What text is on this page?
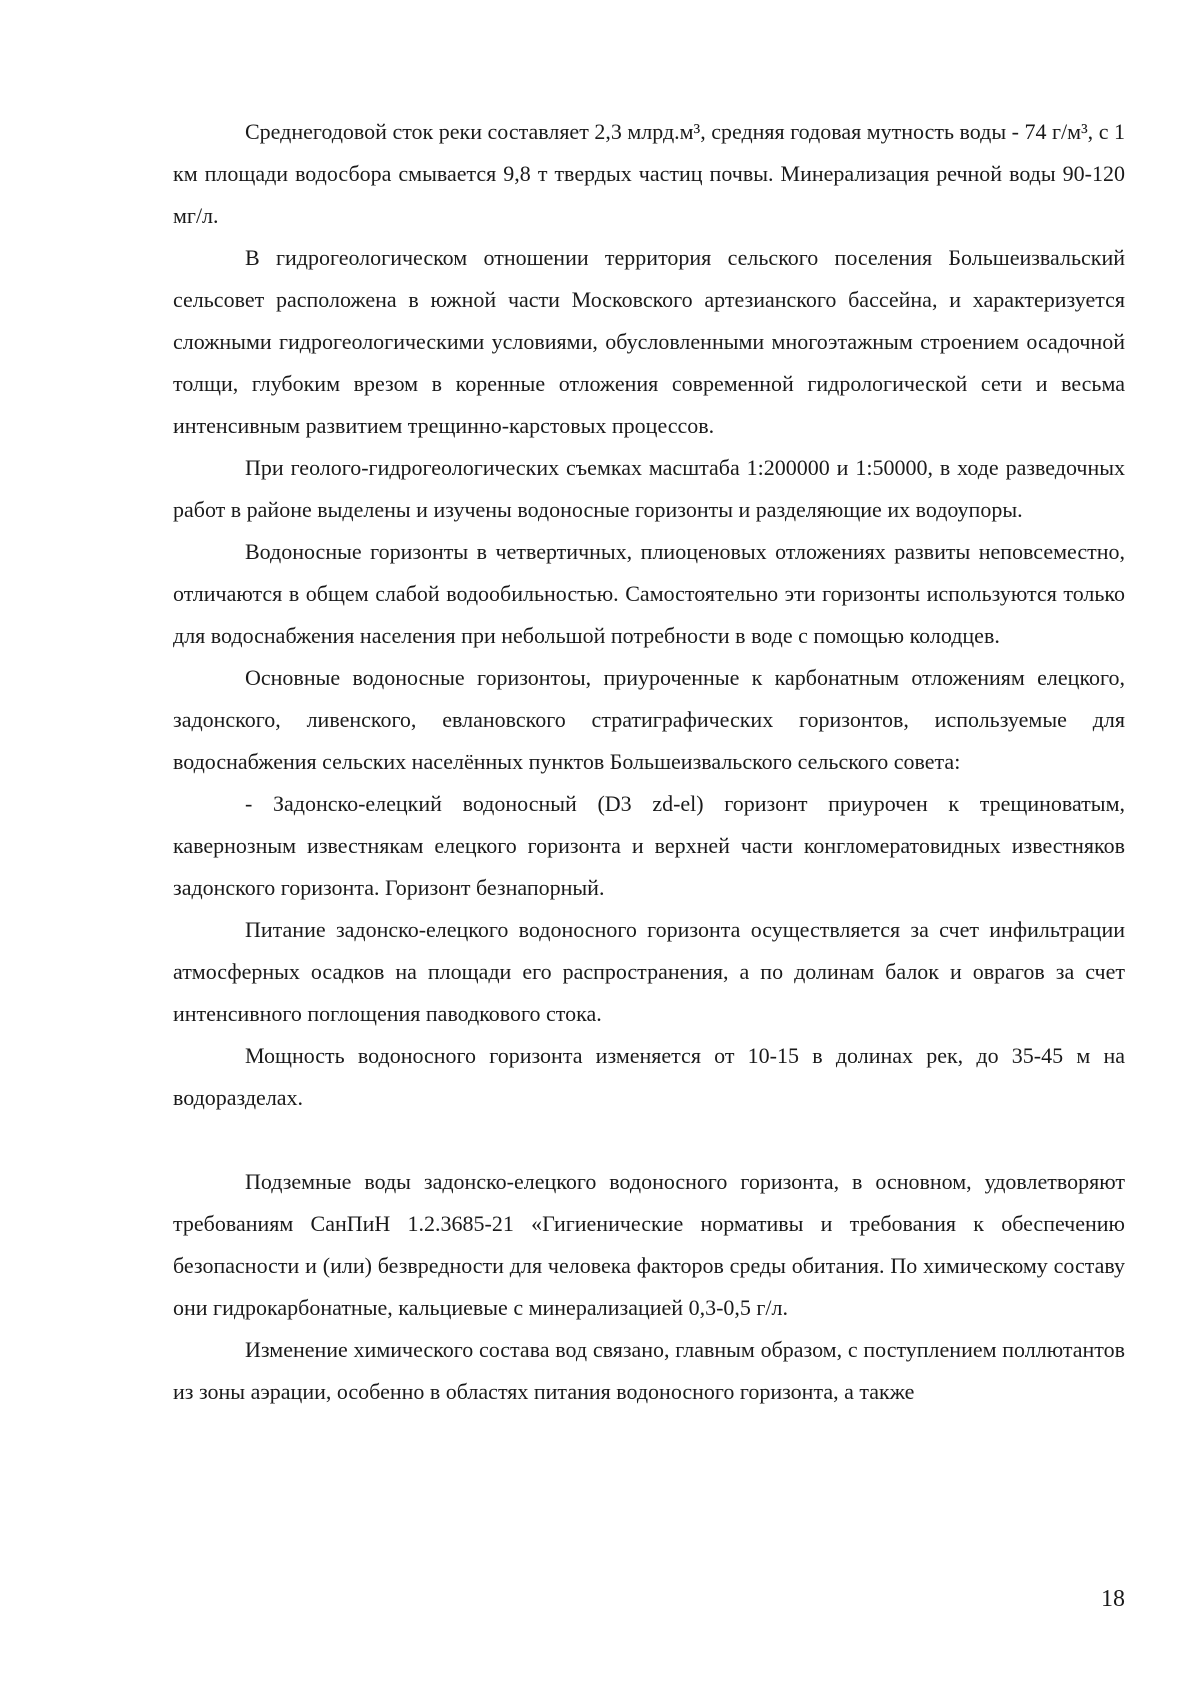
Среднегодовой сток реки составляет 2,3 млрд.м³, средняя годовая мутность воды - 74 г/м³, с 1 км площади водосбора смывается 9,8 т твердых частиц почвы. Минерализация речной воды 90-120 мг/л.

В гидрогеологическом отношении территория сельского поселения Большеизвальский сельсовет расположена в южной части Московского артезианского бассейна, и характеризуется сложными гидрогеологическими условиями, обусловленными многоэтажным строением осадочной толщи, глубоким врезом в коренные отложения современной гидрологической сети и весьма интенсивным развитием трещинно-карстовых процессов.

При геолого-гидрогеологических съемках масштаба 1:200000 и 1:50000, в ходе разведочных работ в районе выделены и изучены водоносные горизонты и разделяющие их водоупоры.

Водоносные горизонты в четвертичных, плиоценовых отложениях развиты неповсеместно, отличаются в общем слабой водообильностью. Самостоятельно эти горизонты используются только для водоснабжения населения при небольшой потребности в воде с помощью колодцев.

Основные водоносные горизонтоы, приуроченные к карбонатным отложениям елецкого, задонского, ливенского, евлановского стратиграфических горизонтов, используемые для водоснабжения сельских населённых пунктов Большеизвальского сельского совета:

- Задонско-елецкий водоносный (D3 zd-el) горизонт приурочен к трещиноватым, кавернозным известнякам елецкого горизонта и верхней части конгломератовидных известняков задонского горизонта. Горизонт безнапорный.

Питание задонско-елецкого водоносного горизонта осуществляется за счет инфильтрации атмосферных осадков на площади его распространения, а по долинам балок и оврагов за счет интенсивного поглощения паводкового стока.

Мощность водоносного горизонта изменяется от 10-15 в долинах рек, до 35-45 м на водоразделах.

Подземные воды задонско-елецкого водоносного горизонта, в основном, удовлетворяют требованиям СанПиН 1.2.3685-21 «Гигиенические нормативы и требования к обеспечению безопасности и (или) безвредности для человека факторов среды обитания. По химическому составу они гидрокарбонатные, кальциевые с минерализацией 0,3-0,5 г/л.

Изменение химического состава вод связано, главным образом, с поступлением поллютантов из зоны аэрации, особенно в областях питания водоносного горизонта, а также

18
